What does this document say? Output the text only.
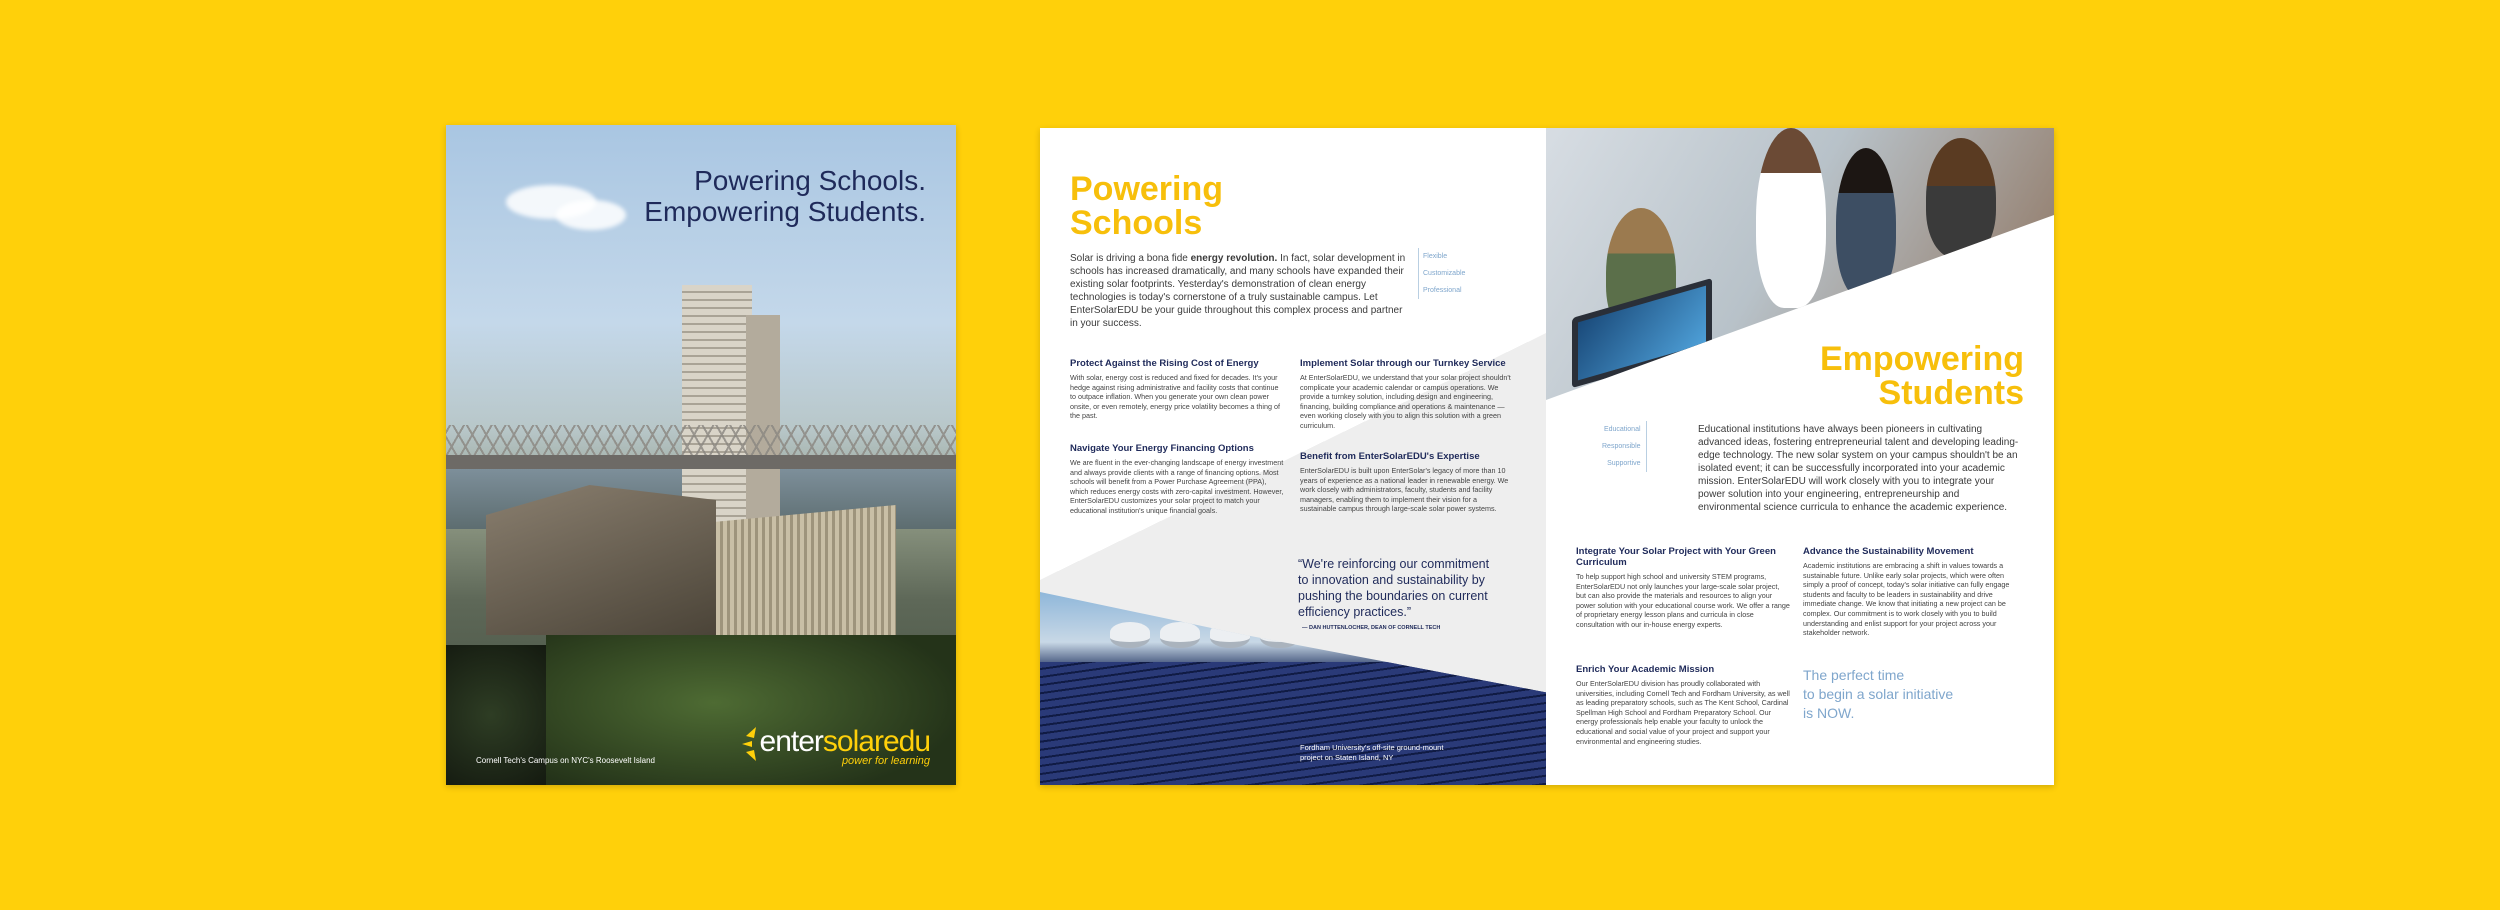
Powering Schools.
Empowering Students.
Cornell Tech's Campus on NYC's Roosevelt Island
entersolaredu
power for learning
Powering
Schools
Solar is driving a bona fide energy revolution. In fact, solar development in schools has increased dramatically, and many schools have expanded their existing solar footprints. Yesterday's demonstration of clean energy technologies is today's cornerstone of a truly sustainable campus. Let EnterSolarEDU be your guide throughout this complex process and partner in your success.
Flexible
Customizable
Professional
Protect Against the Rising Cost of Energy

With solar, energy cost is reduced and fixed for decades. It's your hedge against rising administrative and facility costs that continue to outpace inflation. When you generate your own clean power onsite, or even remotely, energy price volatility becomes a thing of the past.

Navigate Your Energy Financing Options

We are fluent in the ever-changing landscape of energy investment and always provide clients with a range of financing options. Most schools will benefit from a Power Purchase Agreement (PPA), which reduces energy costs with zero-capital investment. However, EnterSolarEDU customizes your solar project to match your educational institution's unique financial goals.

Implement Solar through our Turnkey Service

At EnterSolarEDU, we understand that your solar project shouldn't complicate your academic calendar or campus operations. We provide a turnkey solution, including design and engineering, financing, building compliance and operations & maintenance — even working closely with you to align this solution with a green curriculum.

Benefit from EnterSolarEDU's Expertise

EnterSolarEDU is built upon EnterSolar's legacy of more than 10 years of experience as a national leader in renewable energy. We work closely with administrators, faculty, students and facility managers, enabling them to implement their vision for a sustainable campus through large-scale solar power systems.

“We're reinforcing our commitment to innovation and sustainability by pushing the boundaries on current efficiency practices.”
— DAN HUTTENLOCHER, DEAN OF CORNELL TECH
Fordham University's off-site ground-mount project on Staten Island, NY
Empowering
Students
Educational
Responsible
Supportive
Educational institutions have always been pioneers in cultivating advanced ideas, fostering entrepreneurial talent and developing leading-edge technology. The new solar system on your campus shouldn't be an isolated event; it can be successfully incorporated into your academic mission. EnterSolarEDU will work closely with you to integrate your power solution into your engineering, entrepreneurship and environmental science curricula to enhance the academic experience.
Integrate Your Solar Project with Your Green Curriculum

To help support high school and university STEM programs, EnterSolarEDU not only launches your large-scale solar project, but can also provide the materials and resources to align your power solution with your educational course work. We offer a range of proprietary energy lesson plans and curricula in close consultation with our in-house energy experts.

Enrich Your Academic Mission

Our EnterSolarEDU division has proudly collaborated with universities, including Cornell Tech and Fordham University, as well as leading preparatory schools, such as The Kent School, Cardinal Spellman High School and Fordham Preparatory School. Our energy professionals help enable your faculty to unlock the educational and social value of your project and support your environmental and engineering studies.

Advance the Sustainability Movement

Academic institutions are embracing a shift in values towards a sustainable future. Unlike early solar projects, which were often simply a proof of concept, today's solar initiative can fully engage students and faculty to be leaders in sustainability and drive immediate change. We know that initiating a new project can be complex. Our commitment is to work closely with you to build understanding and enlist support for your project across your stakeholder network.

The perfect time
to begin a solar initiative
is NOW.
